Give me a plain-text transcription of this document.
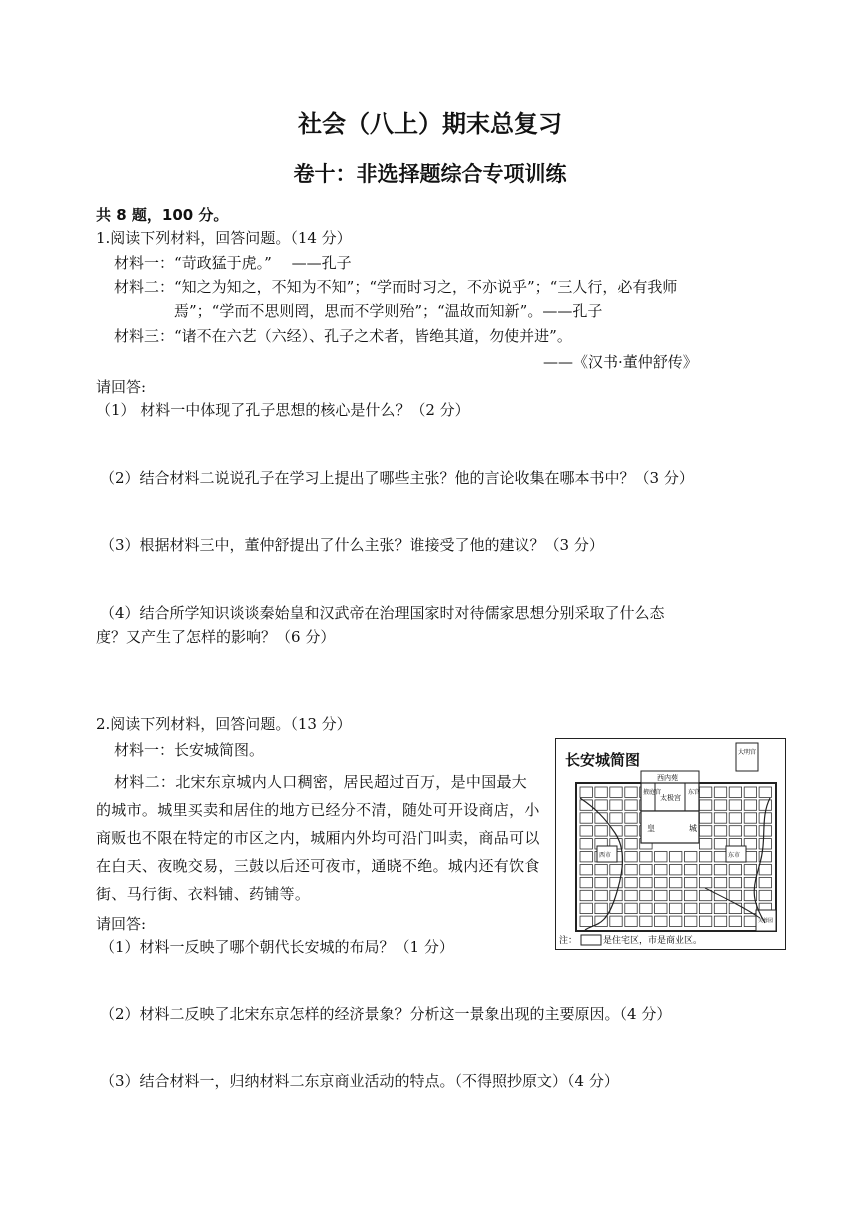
社会（八上）期末总复习
卷十：非选择题综合专项训练
共 8 题，100 分。
1.阅读下列材料，回答问题。（14 分）
材料一：“苛政猛于虎。”　 ——孔子
材料二：“知之为知之，不知为不知”；“学而时习之，不亦说乎”；“三人行，必有我师
焉”；“学而不思则罔，思而不学则殆”；“温故而知新”。——孔子
材料三：“诸不在六艺（六经）、孔子之术者，皆绝其道，勿使并进”。
——《汉书·董仲舒传》
请回答:
（1） 材料一中体现了孔子思想的核心是什么？（2 分）
（2）结合材料二说说孔子在学习上提出了哪些主张？他的言论收集在哪本书中？（3 分）
（3）根据材料三中，董仲舒提出了什么主张？谁接受了他的建议？（3 分）
（4）结合所学知识谈谈秦始皇和汉武帝在治理国家时对待儒家思想分别采取了什么态
度？又产生了怎样的影响？（6 分）
2.阅读下列材料，回答问题。（13 分）
材料一：长安城简图。
材料二：北宋东京城内人口稠密，居民超过百万，是中国最大的城市。城里买卖和居住的地方已经分不清，随处可开设商店，小商贩也不限在特定的市区之内，城厢内外均可沿门叫卖，商品可以在白天、夜晚交易，三鼓以后还可夜市，通晓不绝。城内还有饮食街、马行街、衣料铺、药铺等。
请回答:
（1）材料一反映了哪个朝代长安城的布局？（1 分）
（2）材料二反映了北宋东京怎样的经济景象？分析这一景象出现的主要原因。（4 分）
（3）结合材料一，归纳材料二东京商业活动的特点。（不得照抄原文）（4 分）
长安城简图	大明宫
西内苑
掖庭宫
太极宫
东宫
皇	城
西市	东市
芙蓉园
注：	是住宅区，市是商业区。
